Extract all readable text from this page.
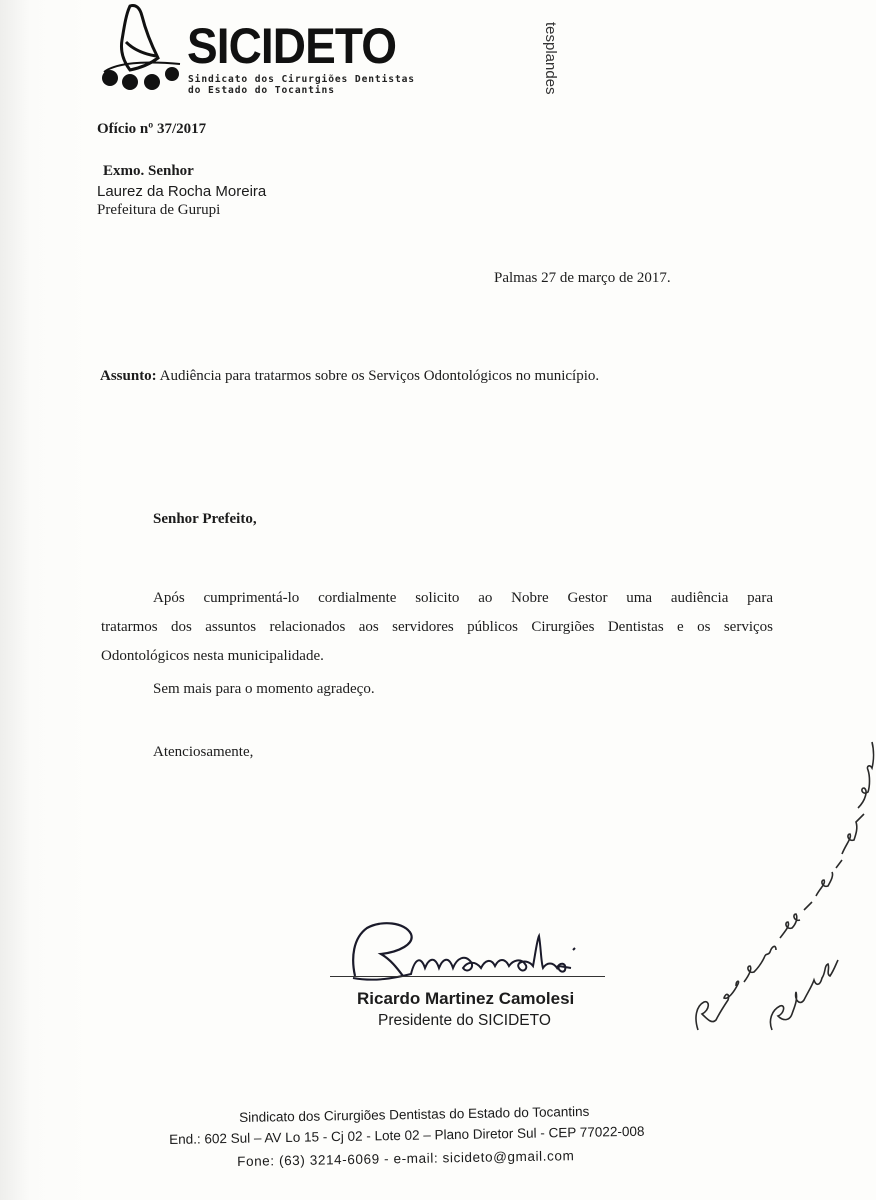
SICIDETO
Sindicato dos Cirurgiões Dentistas
do Estado do Tocantins	tesplandes
Ofício nº 37/2017
Exmo. Senhor
Laurez da Rocha Moreira
Prefeitura de Gurupi
Palmas 27 de março de 2017.
Assunto: Audiência para tratarmos sobre os Serviços Odontológicos no município.
Senhor Prefeito,
Após cumprimentá-lo cordialmente solicito ao Nobre Gestor uma audiência para
tratarmos dos assuntos relacionados aos servidores públicos Cirurgiões Dentistas e os serviços
Odontológicos nesta municipalidade.
Sem mais para o momento agradeço.
Atenciosamente,
Ricardo Martinez Camolesi
Presidente do SICIDETO
Sindicato dos Cirurgiões Dentistas do Estado do Tocantins
End.: 602 Sul – AV Lo 15 - Cj 02 - Lote 02 – Plano Diretor Sul - CEP 77022-008
Fone: (63) 3214-6069 - e-mail: sicideto@gmail.com
